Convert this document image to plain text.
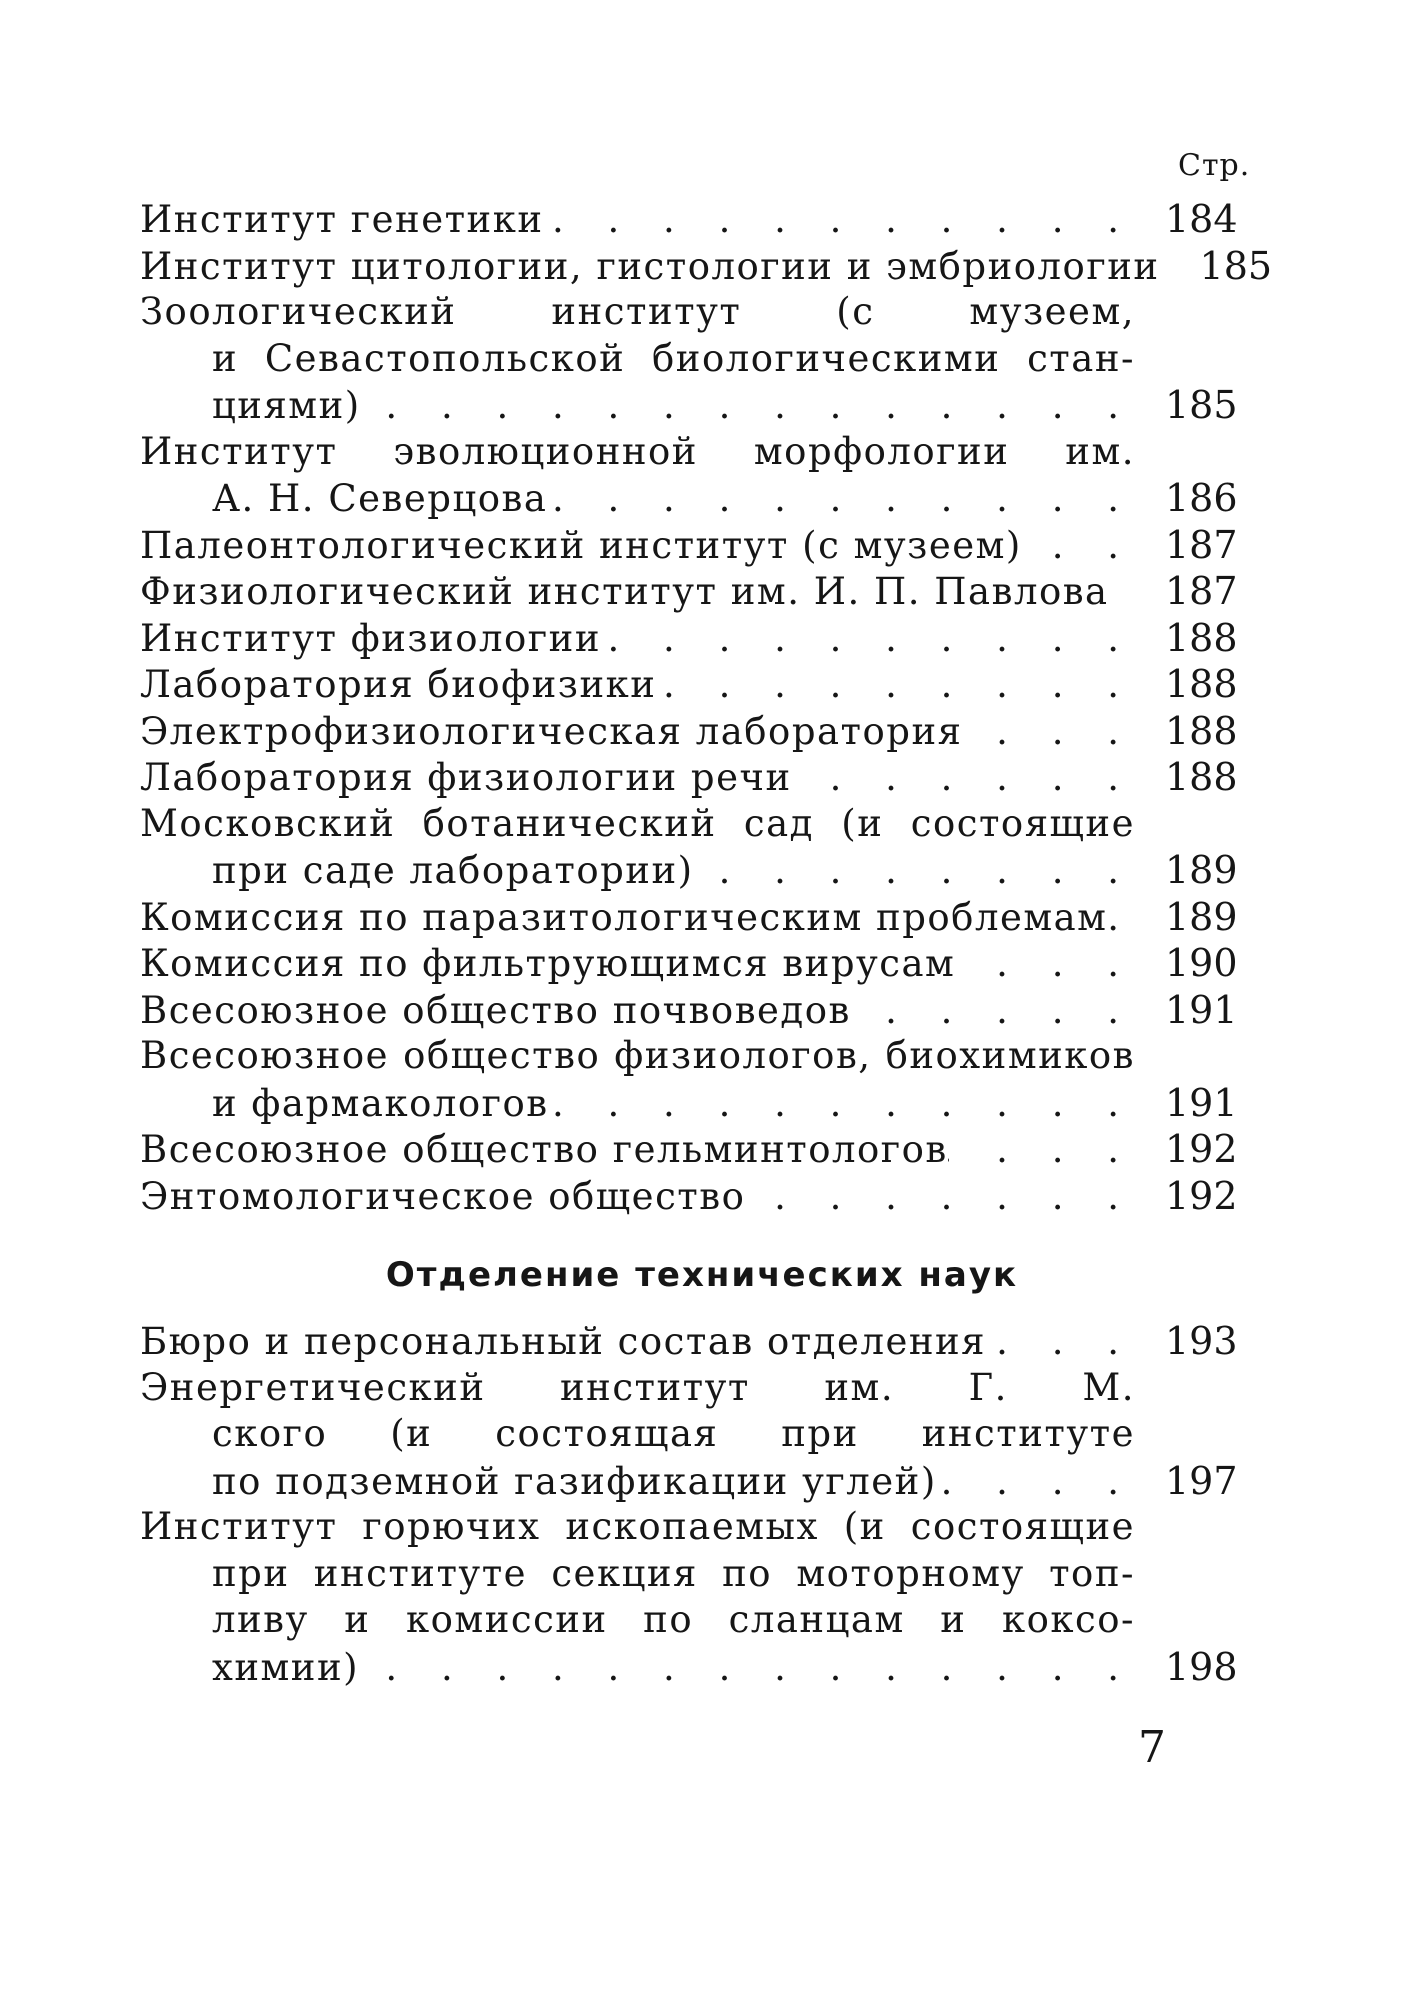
Стр.
Институт генетики . . .	184
Институт цитологии, гистологии и эмбриологии 185
Зоологический институт (с музеем,
и Севастопольской биологическими стан-
циями) . . .	185
Институт эволюционной морфологии им.
А. Н. Северцова . . .	186
Палеонтологический институт (с музеем) . . .	187
Физиологический институт им. И. П. Павлова 187
Институт физиологии . . .	188
Лаборатория биофизики . . .	188
Электрофизиологическая лаборатория . . .	188
Лаборатория физиологии речи . . .	188
Московский ботанический сад (и состоящие
при саде лаборатории) . . .	189
Комиссия по паразитологическим проблемам . . . 189
Комиссия по фильтрующимся вирусам . . .	190
Всесоюзное общество почвоведов . . .	191
Всесоюзное общество физиологов, биохимиков
и фармакологов . . .	191
Всесоюзное общество гельминтологов . . .	192
Энтомологическое общество . . .	192
Отделение технических наук
Бюро и персональный состав отделения . . .	193
Энергетический институт им. Г. М.
ского (и состоящая при институте
по подземной газификации углей) . . .	197
Институт горючих ископаемых (и состоящие
при институте секция по моторному топ-
ливу и комиссии по сланцам и коксо-
химии) . . .	198
7
